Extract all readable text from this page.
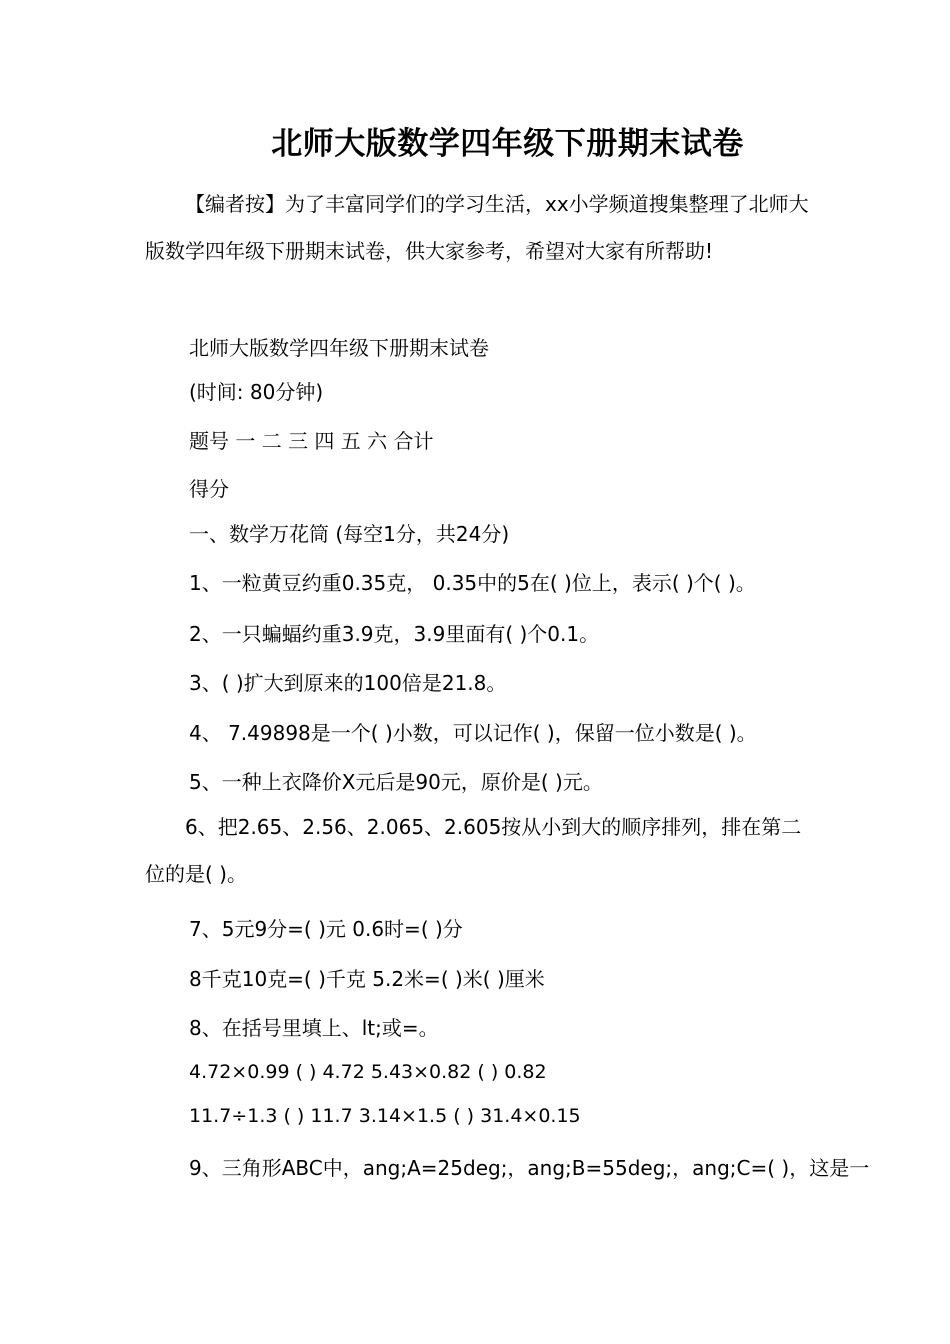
北师大版数学四年级下册期末试卷
【编者按】为了丰富同学们的学习生活，xx小学频道搜集整理了北师大版数学四年级下册期末试卷，供大家参考，希望对大家有所帮助!
北师大版数学四年级下册期末试卷
(时间: 80分钟)
题号 一 二 三 四 五 六 合计
得分
一、数学万花筒 (每空1分，共24分)
1、一粒黄豆约重0.35克， 0.35中的5在( )位上，表示( )个( )。
2、一只蝙蝠约重3.9克，3.9里面有( )个0.1。
3、( )扩大到原来的100倍是21.8。
4、 7.49898是一个( )小数，可以记作( )，保留一位小数是( )。
5、一种上衣降价X元后是90元，原价是( )元。
6、把2.65、2.56、2.065、2.605按从小到大的顺序排列，排在第二位的是( )。
7、5元9分=( )元 0.6时=( )分
8千克10克=( )千克 5.2米=( )米( )厘米
8、在括号里填上、lt;或=。
4.72×0.99 ( ) 4.72 5.43×0.82 ( ) 0.82
11.7÷1.3 ( ) 11.7 3.14×1.5 ( ) 31.4×0.15
9、三角形ABC中，ang;A=25deg;，ang;B=55deg;，ang;C=( )，这是一
